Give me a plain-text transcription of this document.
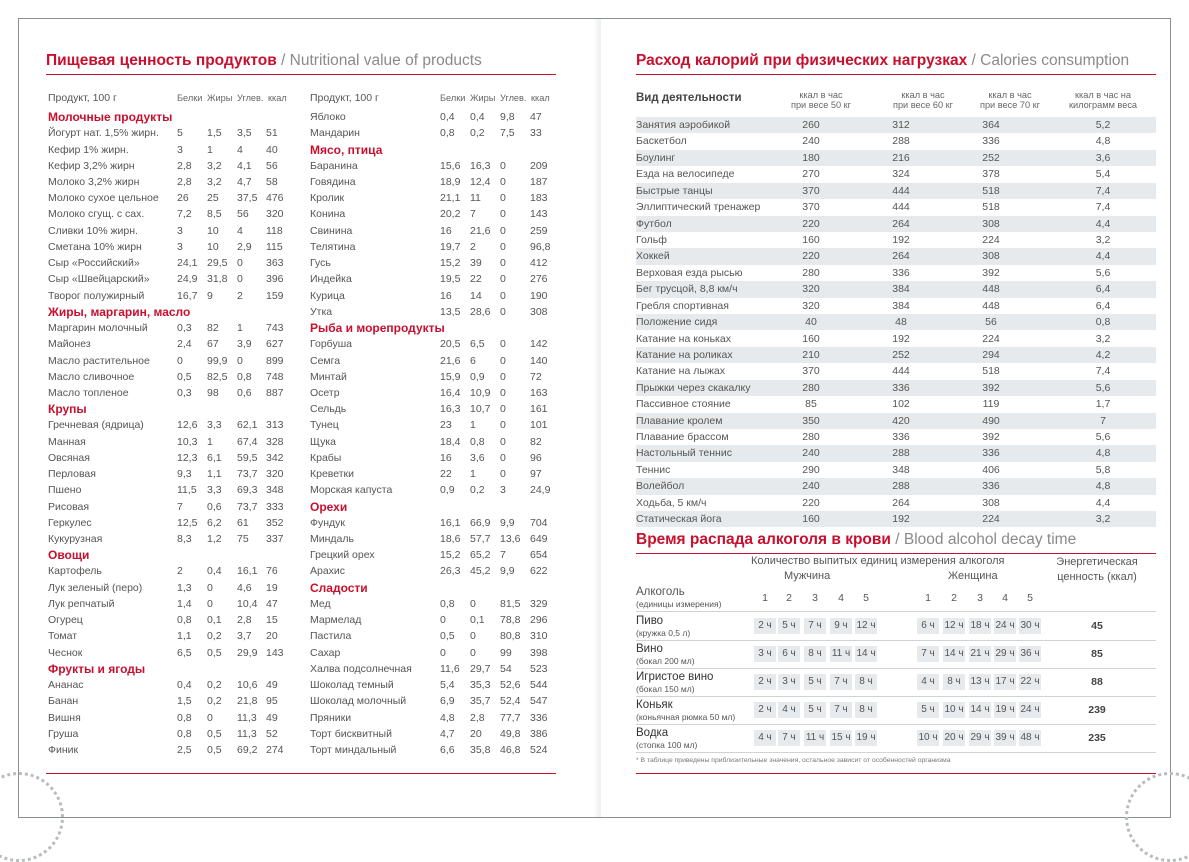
Пищевая ценность продуктов / Nutritional value of products
Продукт, 100 г	Белки Жиры Углев. ккал Продукт, 100 г	Белки Жиры Углев. ккал
Молочные продукты
Йогурт нат. 1,5% жирн. 5 1,5 3,5 51
Кефир 1% жирн.	3 1 4 40
Кефир 3,2% жирн	2,8 3,2 4,1 56
Молоко 3,2% жирн	2,8 3,2 4,7 58
Молоко сухое цельное 26 25 37,5 476
Молоко сгущ. с сах.	7,2 8,5 56 320
Сливки 10% жирн.	3 10 4 118
Сметана 10% жирн	3 10 2,9 115
Сыр «Российский»	24,1 29,5 0 363
Сыр «Швейцарский»	24,9 31,8 0 396
Творог полужирный	16,7 9 2 159
Жиры, маргарин, масло
Маргарин молочный	0,3 82 1 743
Майонез	2,4 67 3,9 627
Масло растительное	0 99,9 0 899
Масло сливочное	0,5 82,5 0,8 748
Масло топленое	0,3 98 0,6 887
Крупы
Гречневая (ядрица)	12,6 3,3 62,1 313
Манная	10,3 1 67,4 328
Овсяная	12,3 6,1 59,5 342
Перловая	9,3 1,1 73,7 320
Пшено	11,5 3,3 69,3 348
Рисовая	7 0,6 73,7 333
Геркулес	12,5 6,2 61 352
Кукурузная	8,3 1,2 75 337
Овощи
Картофель	2 0,4 16,1 76
Лук зеленый (перо)	1,3 0 4,6 19
Лук репчатый	1,4 0 10,4 47
Огурец	0,8 0,1 2,8 15
Томат	1,1 0,2 3,7 20
Чеснок	6,5 0,5 29,9 143
Фрукты и ягоды
Ананас	0,4 0,2 10,6 49
Банан	1,5 0,2 21,8 95
Вишня	0,8 0 11,3 49
Груша	0,8 0,5 11,3 52
Финик	2,5 0,5 69,2 274
Яблоко	0,4 0,4 9,8 47
Мандарин	0,8 0,2 7,5 33
Мясо, птица
Баранина	15,6 16,3 0 209
Говядина	18,9 12,4 0 187
Кролик	21,1 11 0 183
Конина	20,2 7 0 143
Свинина	16 21,6 0 259
Телятина	19,7 2 0 96,8
Гусь	15,2 39 0 412
Индейка	19,5 22 0 276
Курица	16 14 0 190
Утка	13,5 28,6 0 308
Рыба и морепродукты
Горбуша	20,5 6,5 0 142
Семга	21,6 6 0 140
Минтай	15,9 0,9 0 72
Осетр	16,4 10,9 0 163
Сельдь	16,3 10,7 0 161
Тунец	23 1 0 101
Щука	18,4 0,8 0 82
Крабы	16 3,6 0 96
Креветки	22 1 0 97
Морская капуста	0,9 0,2 3 24,9
Орехи
Фундук	16,1 66,9 9,9 704
Миндаль	18,6 57,7 13,6 649
Грецкий орех	15,2 65,2 7 654
Арахис	26,3 45,2 9,9 622
Сладости
Мед	0,8 0 81,5 329
Мармелад	0 0,1 78,8 296
Пастила	0,5 0 80,8 310
Сахар	0 0 99 398
Халва подсолнечная	11,6 29,7 54 523
Шоколад темный	5,4 35,3 52,6 544
Шоколад молочный	6,9 35,7 52,4 547
Пряники	4,8 2,8 77,7 336
Торт бисквитный	4,7 20 49,8 386
Торт миндальный	6,6 35,8 46,8 524
Расход калорий при физических нагрузках / Calories consumption
Вид деятельности	ккал в час
при весе 50 кг
ккал в час
при весе 60 кг
ккал в час
при весе 70 кг
ккал в час на
килограмм веса
Занятия аэробикой	260	312	364	5,2
Баскетбол	240	288	336	4,8
Боулинг	180	216	252	3,6
Езда на велосипеде	270	324	378	5,4
Быстрые танцы	370	444	518	7,4
Эллиптический тренажер	370	444	518	7,4
Футбол	220	264	308	4,4
Гольф	160	192	224	3,2
Хоккей	220	264	308	4,4
Верховая езда рысью	280	336	392	5,6
Бег трусцой, 8,8 км/ч	320	384	448	6,4
Гребля спортивная	320	384	448	6,4
Положение сидя	40	48	56	0,8
Катание на коньках	160	192	224	3,2
Катание на роликах	210	252	294	4,2
Катание на лыжах	370	444	518	7,4
Прыжки через скакалку	280	336	392	5,6
Пассивное стояние	85	102	119	1,7
Плавание кролем	350	420	490	7
Плавание брассом	280	336	392	5,6
Настольный теннис	240	288	336	4,8
Теннис	290	348	406	5,8
Волейбол	240	288	336	4,8
Ходьба, 5 км/ч	220	264	308	4,4
Статическая йога	160	192	224	3,2
Время распада алкоголя в крови / Blood alcohol decay time
Количество выпитых единиц измерения алкоголя
Мужчина	Женщина
Энергетическая
ценность (ккал)
Алкоголь
(единицы измерения)	1	1
2	2
3	3
4	4
5	5
Пиво
(кружка 0,5 л)
2 ч	5 ч	7 ч	9 ч 12 ч	6 ч 12 ч 18 ч 24 ч 30 ч	45
Вино
(бокал 200 мл)
3 ч	6 ч	8 ч	11 ч 14 ч	7 ч 14 ч 21 ч 29 ч 36 ч	85
Игристое вино
(бокал 150 мл)
2 ч	3 ч	5 ч	7 ч	8 ч	4 ч	8 ч 13 ч 17 ч 22 ч	88
Коньяк
(коньячная рюмка 50 мл)
2 ч	4 ч	5 ч	7 ч	8 ч	5 ч 10 ч 14 ч 19 ч 24 ч	239
Водка
(стопка 100 мл)
4 ч	7 ч	11 ч 15 ч 19 ч	10 ч 20 ч 29 ч 39 ч 48 ч	235
* В таблице приведены приблизительные значения, остальное зависит от особенностей организма
